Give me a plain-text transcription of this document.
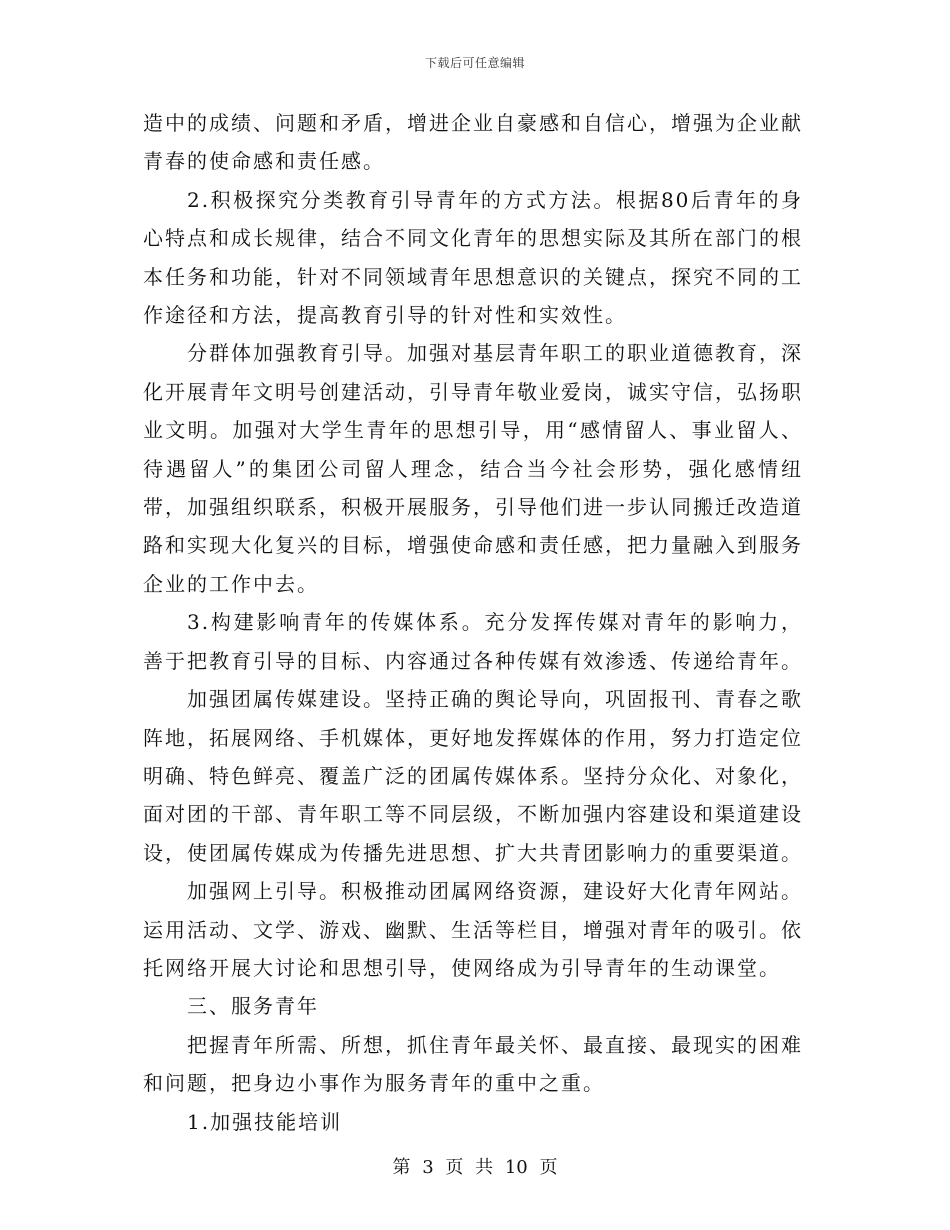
下载后可任意编辑

造中的成绩、问题和矛盾，增进企业自豪感和自信心，增强为企业献青春的使命感和责任感。

2.积极探究分类教育引导青年的方式方法。根据80后青年的身心特点和成长规律，结合不同文化青年的思想实际及其所在部门的根本任务和功能，针对不同领域青年思想意识的关键点，探究不同的工作途径和方法，提高教育引导的针对性和实效性。

分群体加强教育引导。加强对基层青年职工的职业道德教育，深化开展青年文明号创建活动，引导青年敬业爱岗，诚实守信，弘扬职业文明。加强对大学生青年的思想引导，用“感情留人、事业留人、待遇留人”的集团公司留人理念，结合当今社会形势，强化感情纽带，加强组织联系，积极开展服务，引导他们进一步认同搬迁改造道路和实现大化复兴的目标，增强使命感和责任感，把力量融入到服务企业的工作中去。

3.构建影响青年的传媒体系。充分发挥传媒对青年的影响力，善于把教育引导的目标、内容通过各种传媒有效渗透、传递给青年。

加强团属传媒建设。坚持正确的舆论导向，巩固报刊、青春之歌阵地，拓展网络、手机媒体，更好地发挥媒体的作用，努力打造定位明确、特色鲜亮、覆盖广泛的团属传媒体系。坚持分众化、对象化，面对团的干部、青年职工等不同层级，不断加强内容建设和渠道建设设，使团属传媒成为传播先进思想、扩大共青团影响力的重要渠道。

加强网上引导。积极推动团属网络资源，建设好大化青年网站。运用活动、文学、游戏、幽默、生活等栏目，增强对青年的吸引。依托网络开展大讨论和思想引导，使网络成为引导青年的生动课堂。

三、服务青年

把握青年所需、所想，抓住青年最关怀、最直接、最现实的困难和问题，把身边小事作为服务青年的重中之重。

1.加强技能培训

第 3 页 共 10 页
